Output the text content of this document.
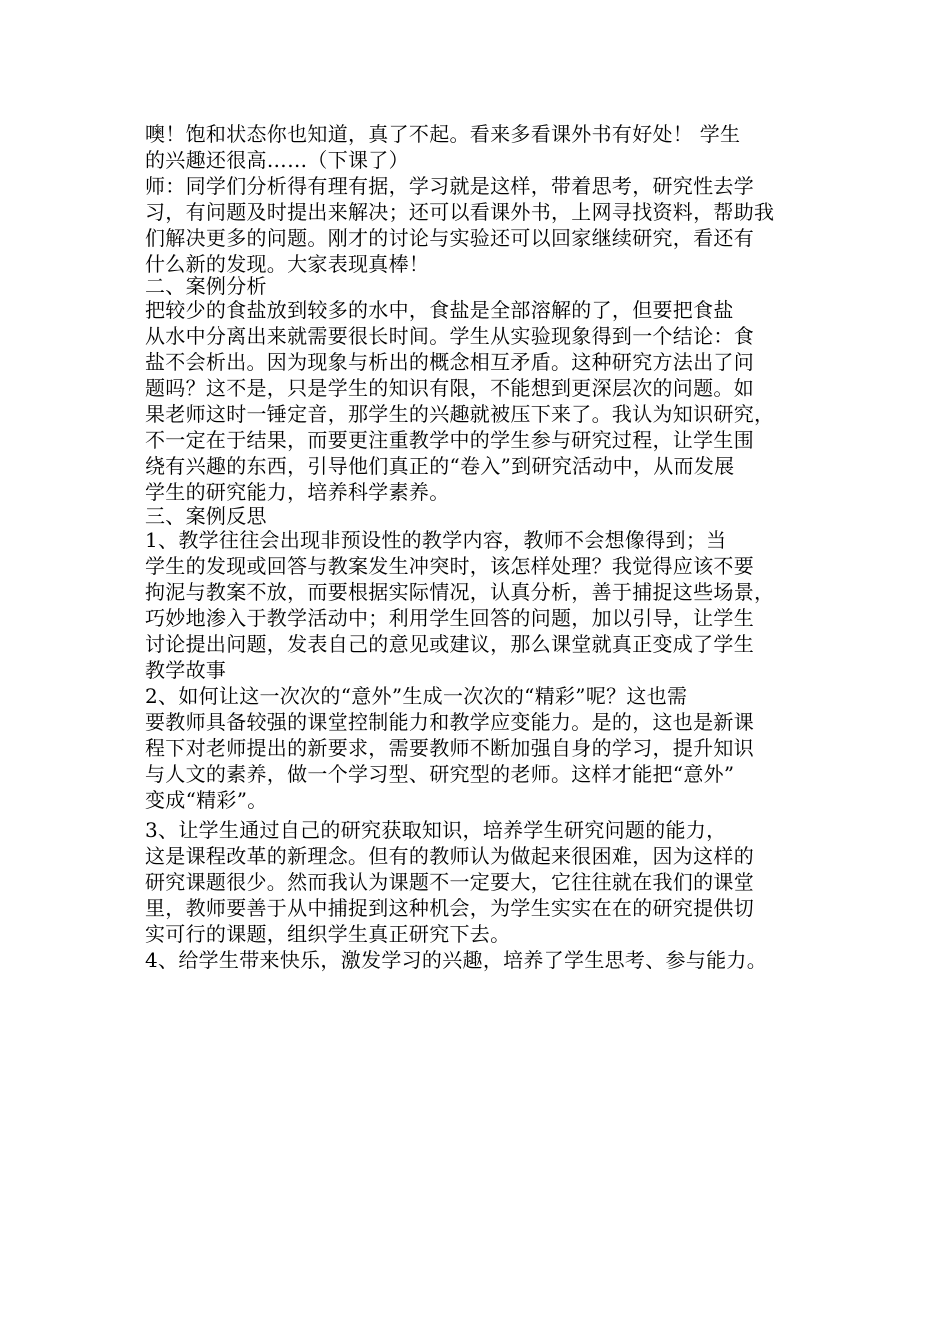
噢！饱和状态你也知道，真了不起。看来多看课外书有好处！ 学生
的兴趣还很高……（下课了）
师：同学们分析得有理有据，学习就是这样，带着思考，研究性去学
习，有问题及时提出来解决；还可以看课外书，上网寻找资料，帮助我
们解决更多的问题。刚才的讨论与实验还可以回家继续研究，看还有
什么新的发现。大家表现真棒！
二、案例分析
把较少的食盐放到较多的水中，食盐是全部溶解的了，但要把食盐
从水中分离出来就需要很长时间。学生从实验现象得到一个结论：食
盐不会析出。因为现象与析出的概念相互矛盾。这种研究方法出了问
题吗？这不是，只是学生的知识有限，不能想到更深层次的问题。如
果老师这时一锤定音，那学生的兴趣就被压下来了。我认为知识研究，
不一定在于结果，而要更注重教学中的学生参与研究过程，让学生围
绕有兴趣的东西，引导他们真正的“卷入”到研究活动中，从而发展
学生的研究能力，培养科学素养。
三、案例反思
1、教学往往会出现非预设性的教学内容，教师不会想像得到；当
学生的发现或回答与教案发生冲突时，该怎样处理？我觉得应该不要
拘泥与教案不放，而要根据实际情况，认真分析，善于捕捉这些场景，
巧妙地渗入于教学活动中；利用学生回答的问题，加以引导，让学生
讨论提出问题，发表自己的意见或建议，那么课堂就真正变成了学生
教学故事
2、如何让这一次次的“意外”生成一次次的“精彩”呢？这也需
要教师具备较强的课堂控制能力和教学应变能力。是的，这也是新课
程下对老师提出的新要求，需要教师不断加强自身的学习，提升知识
与人文的素养，做一个学习型、研究型的老师。这样才能把“意外”
变成“精彩”。
3、让学生通过自己的研究获取知识，培养学生研究问题的能力，
这是课程改革的新理念。但有的教师认为做起来很困难，因为这样的
研究课题很少。然而我认为课题不一定要大，它往往就在我们的课堂
里，教师要善于从中捕捉到这种机会，为学生实实在在的研究提供切
实可行的课题，组织学生真正研究下去。
4、给学生带来快乐，激发学习的兴趣，培养了学生思考、参与能力。
